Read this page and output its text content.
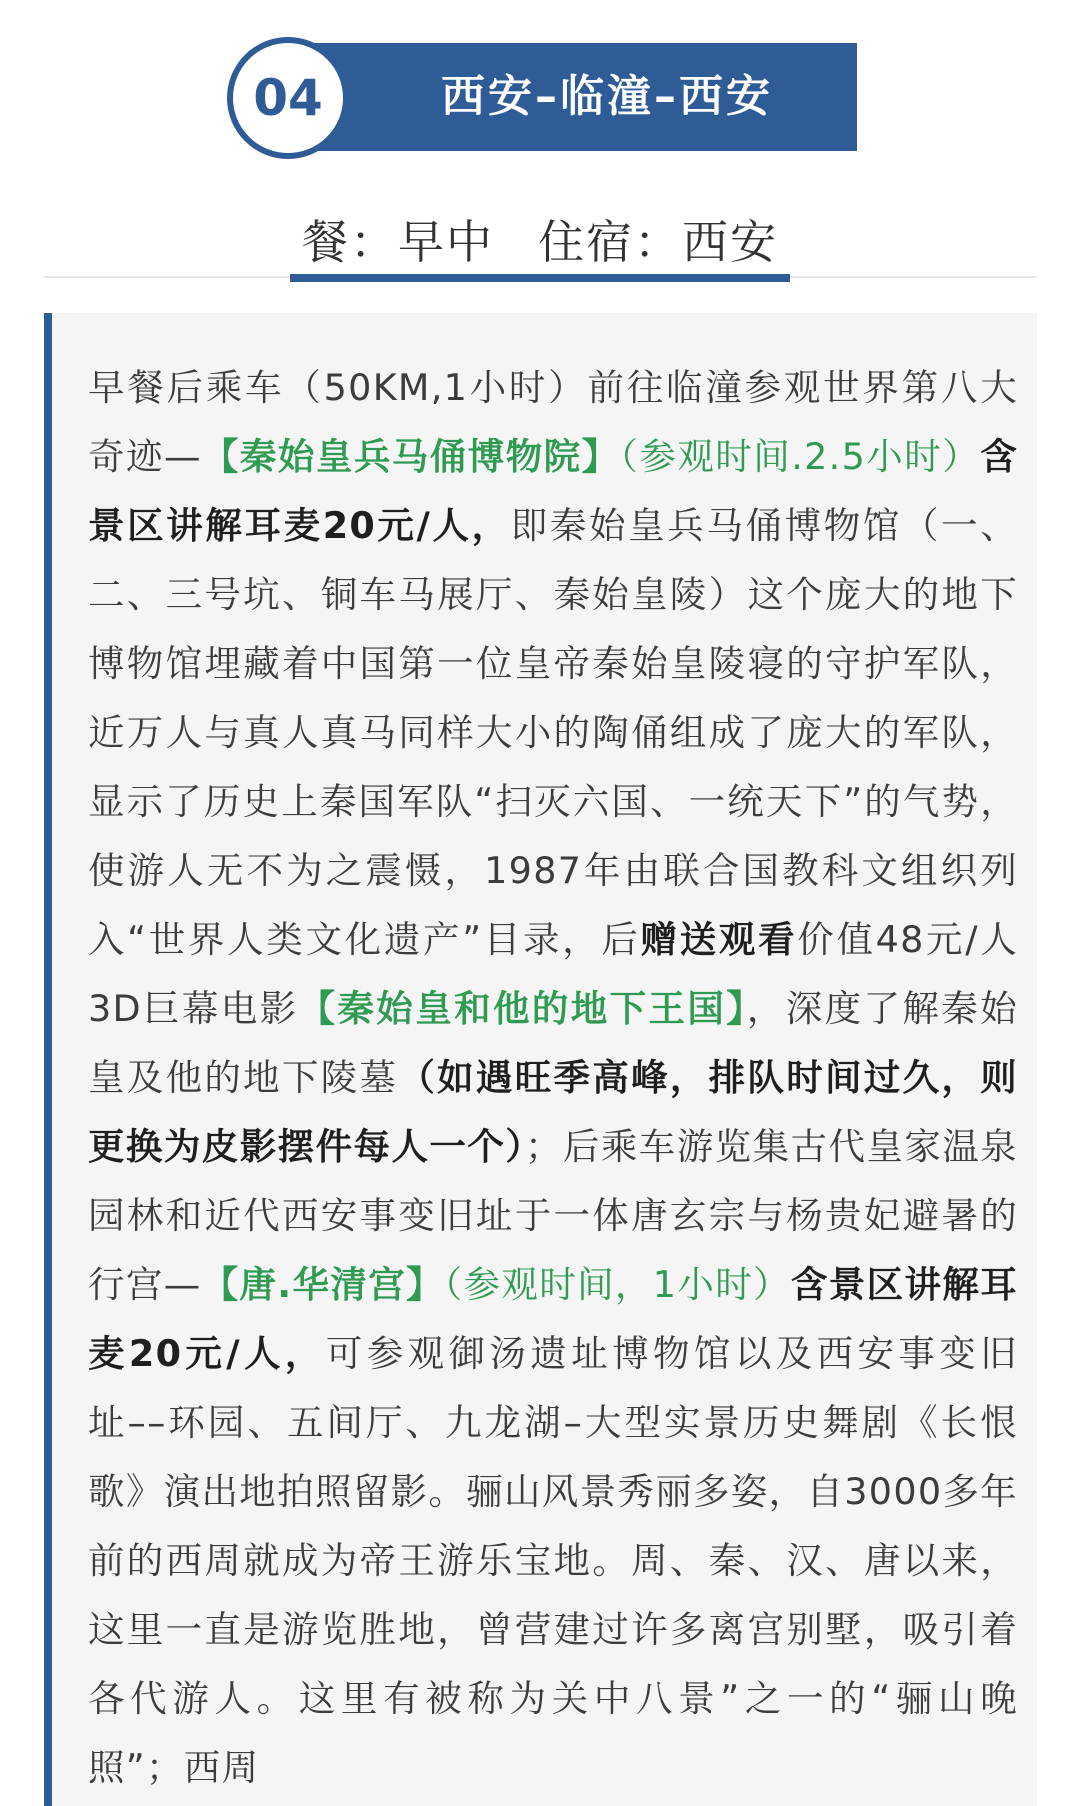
西安–临潼–西安
04
餐：早中 住宿：西安
早餐后乘车（50KM,1小时）前往临潼参观世界第八大奇迹—【秦始皇兵马俑博物院】（参观时间.2.5小时）含景区讲解耳麦20元/人，即秦始皇兵马俑博物馆（一、二、三号坑、铜车马展厅、秦始皇陵）这个庞大的地下博物馆埋藏着中国第一位皇帝秦始皇陵寝的守护军队，近万人与真人真马同样大小的陶俑组成了庞大的军队，显示了历史上秦国军队“扫灭六国、一统天下”的气势，使游人无不为之震慑，1987年由联合国教科文组织列入“世界人类文化遗产”目录，后赠送观看价值48元/人3D巨幕电影【秦始皇和他的地下王国】，深度了解秦始皇及他的地下陵墓（如遇旺季高峰，排队时间过久，则更换为皮影摆件每人一个）；后乘车游览集古代皇家温泉园林和近代西安事变旧址于一体唐玄宗与杨贵妃避暑的行宫—【唐.华清宫】（参观时间，1小时）含景区讲解耳麦20元/人，可参观御汤遗址博物馆以及西安事变旧址––环园、五间厅、九龙湖–大型实景历史舞剧《长恨歌》演出地拍照留影。骊山风景秀丽多姿，自3000多年前的西周就成为帝王游乐宝地。周、秦、汉、唐以来，这里一直是游览胜地，曾营建过许多离宫别墅，吸引着各代游人。这里有被称为关中八景”之一的“骊山晚照”；西周
